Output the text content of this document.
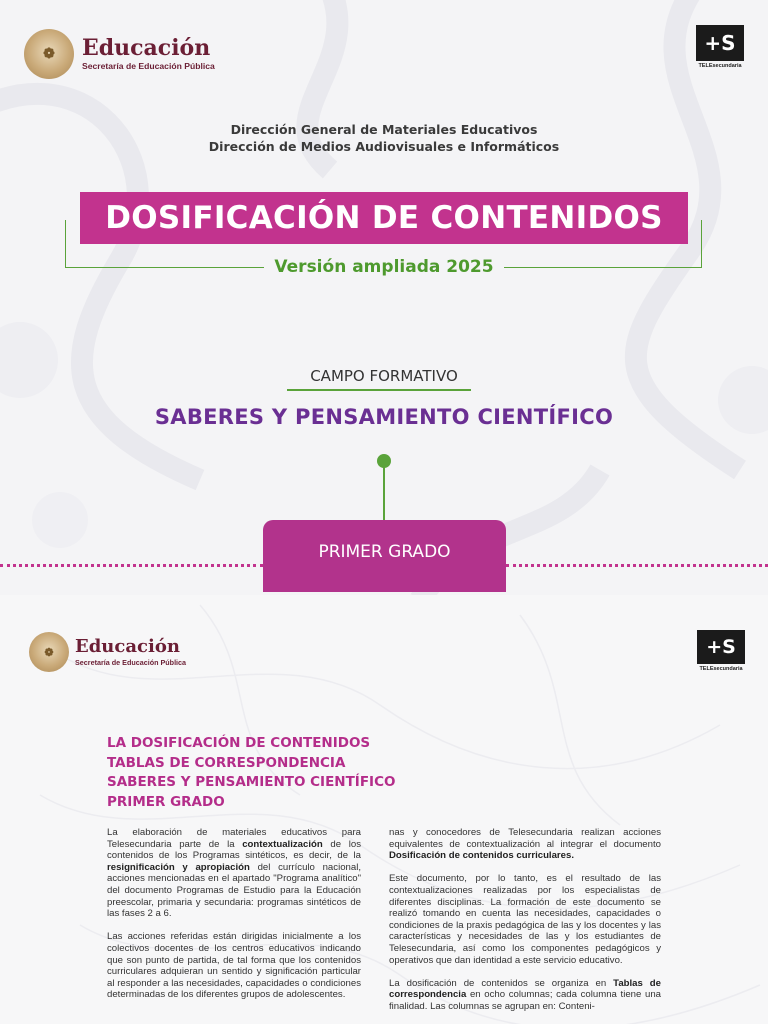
❁ Educación
Secretaría de Educación Pública
+S
TELEsecundaria
Dirección General de Materiales Educativos
Dirección de Medios Audiovisuales e Informáticos
DOSIFICACIÓN DE CONTENIDOS
Versión ampliada 2025
CAMPO FORMATIVO
SABERES Y PENSAMIENTO CIENTÍFICO
PRIMER GRADO
❁ Educación
Secretaría de Educación Pública
+S
TELEsecundaria
LA DOSIFICACIÓN DE CONTENIDOS
TABLAS DE CORRESPONDENCIA
SABERES Y PENSAMIENTO CIENTÍFICO
PRIMER GRADO

La elaboración de materiales educativos para Telesecundaria parte de la contextualización de los contenidos de los Programas sintéticos, es decir, de la resignificación y apropiación del currículo nacional, acciones mencionadas en el apartado "Programa analítico" del documento Programas de Estudio para la Educación preescolar, primaria y secundaria: programas sintéticos de las fases 2 a 6.

Las acciones referidas están dirigidas inicialmente a los colectivos docentes de los centros educativos indicando que son punto de partida, de tal forma que los contenidos curriculares adquieran un sentido y significación particular al responder a las necesidades, capacidades o condiciones determinadas de los diferentes grupos de adolescentes.

nas y conocedores de Telesecundaria realizan acciones equivalentes de contextualización al integrar el documento Dosificación de contenidos curriculares.

Este documento, por lo tanto, es el resultado de las contextualizaciones realizadas por los especialistas de diferentes disciplinas. La formación de este documento se realizó tomando en cuenta las necesidades, capacidades o condiciones de la praxis pedagógica de las y los docentes y las características y necesidades de las y los estudiantes de Telesecundaria, así como los componentes pedagógicos y operativos que dan identidad a este servicio educativo.

La dosificación de contenidos se organiza en Tablas de correspondencia en ocho columnas; cada columna tiene una finalidad. Las columnas se agrupan en: Conteni-
